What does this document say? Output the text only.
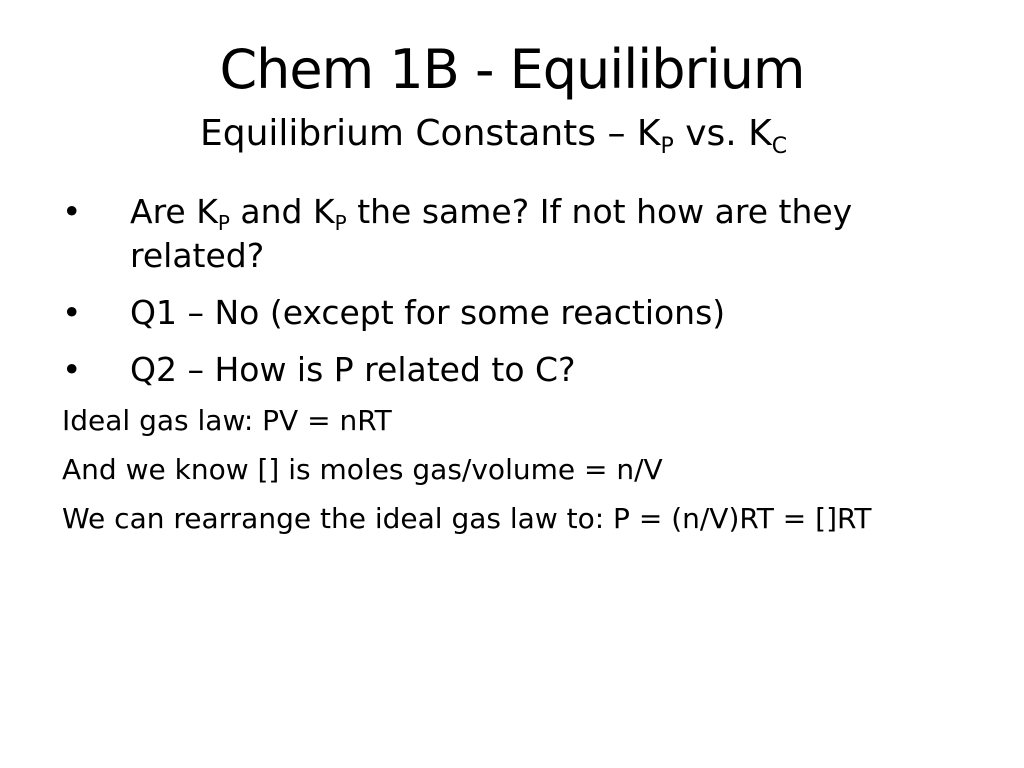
Chem 1B - Equilibrium
Equilibrium Constants – $K_P$ vs. $K_C$
•	Are $K_P$ and $K_P$ the same? If not how are they related?
•	Q1 – No (except for some reactions)
•	Q2 – How is P related to C?

Ideal gas law: PV = nRT

And we know [] is moles gas/volume = n/V

We can rearrange the ideal gas law to: P = (n/V)RT = []RT
